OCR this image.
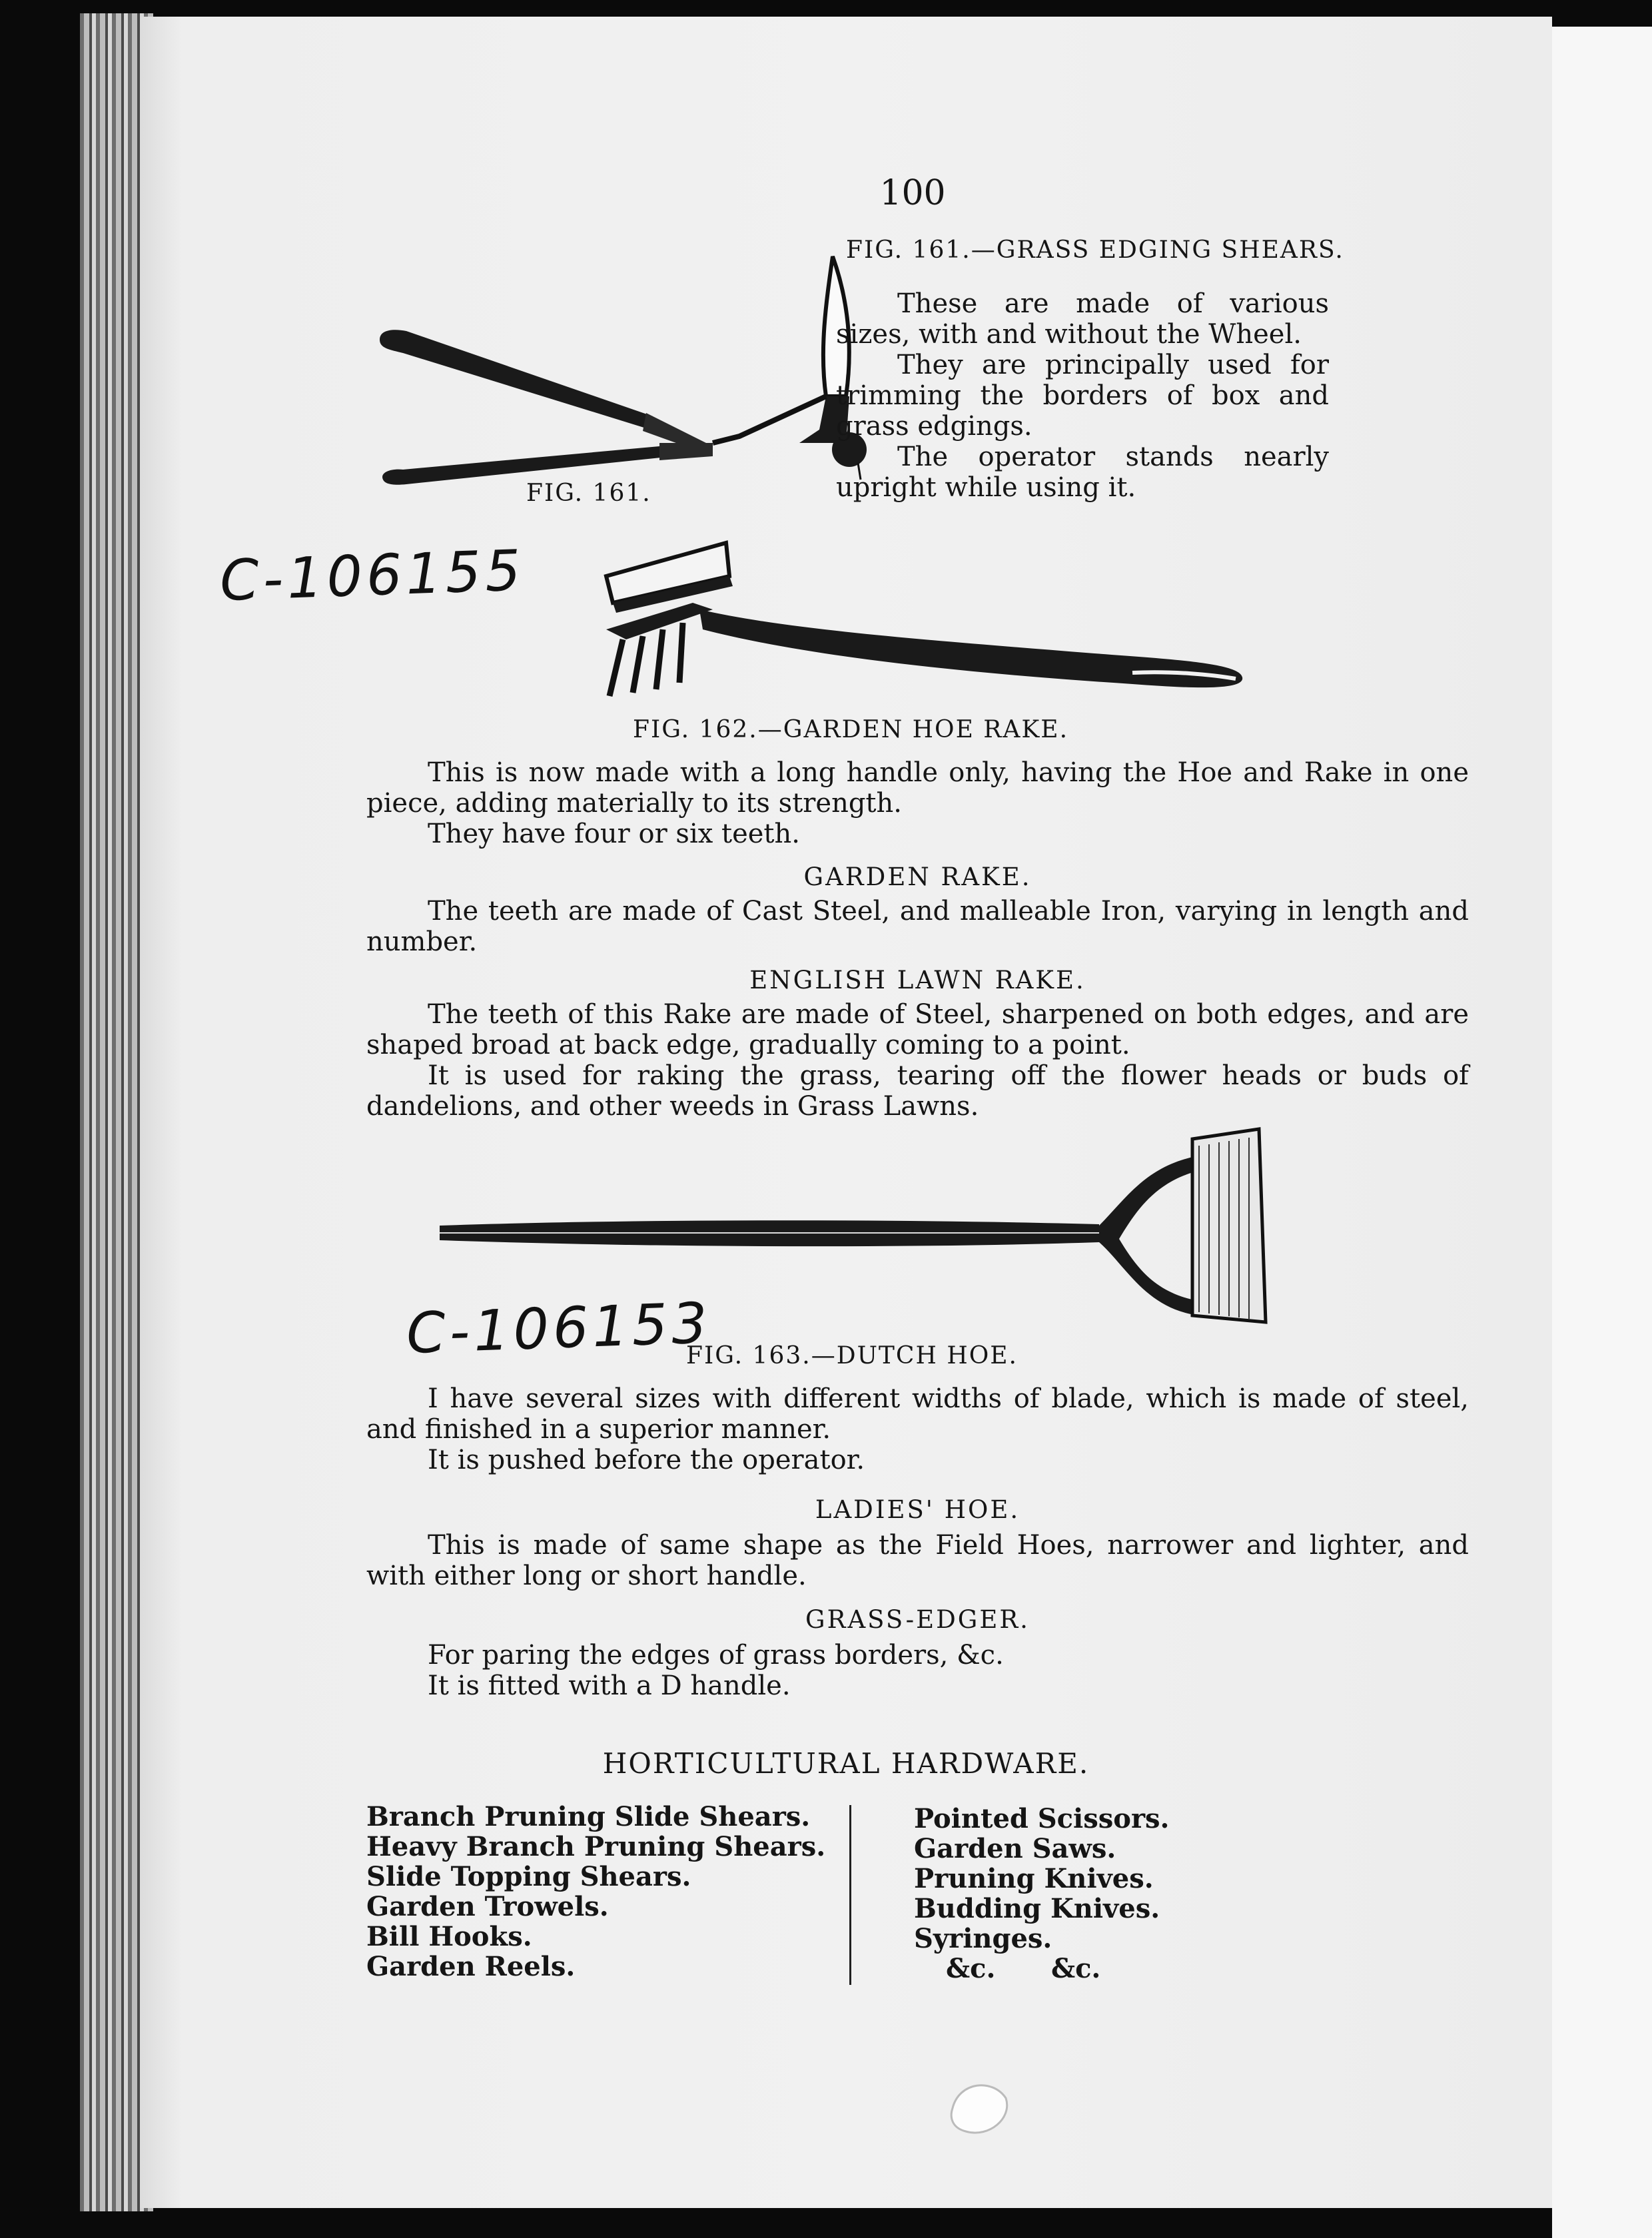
100
FIG. 161.—GRASS EDGING SHEARS.
FIG. 161.

These are made of various sizes, with and without the Wheel.

They are principally used for trimming the borders of box and grass edgings.

The operator stands nearly upright while using it.

C-106155
FIG. 162.—GARDEN HOE RAKE.

This is now made with a long handle only, having the Hoe and Rake in one piece, adding materially to its strength.

They have four or six teeth.

GARDEN RAKE.

The teeth are made of Cast Steel, and malleable Iron, varying in length and number.

ENGLISH LAWN RAKE.

The teeth of this Rake are made of Steel, sharpened on both edges, and are shaped broad at back edge, gradually coming to a point.

It is used for raking the grass, tearing off the flower heads or buds of dandelions, and other weeds in Grass Lawns.

C-106153
FIG. 163.—DUTCH HOE.

I have several sizes with different widths of blade, which is made of steel, and finished in a superior manner.

It is pushed before the operator.

LADIES' HOE.

This is made of same shape as the Field Hoes, narrower and lighter, and with either long or short handle.

GRASS-EDGER.

For paring the edges of grass borders, &c.

It is fitted with a D handle.

HORTICULTURAL HARDWARE.
Branch Pruning Slide Shears.
Heavy Branch Pruning Shears.
Slide Topping Shears.
Garden Trowels.
Bill Hooks.
Garden Reels.
Pointed Scissors.
Garden Saws.
Pruning Knives.
Budding Knives.
Syringes.
&c.      &c.
